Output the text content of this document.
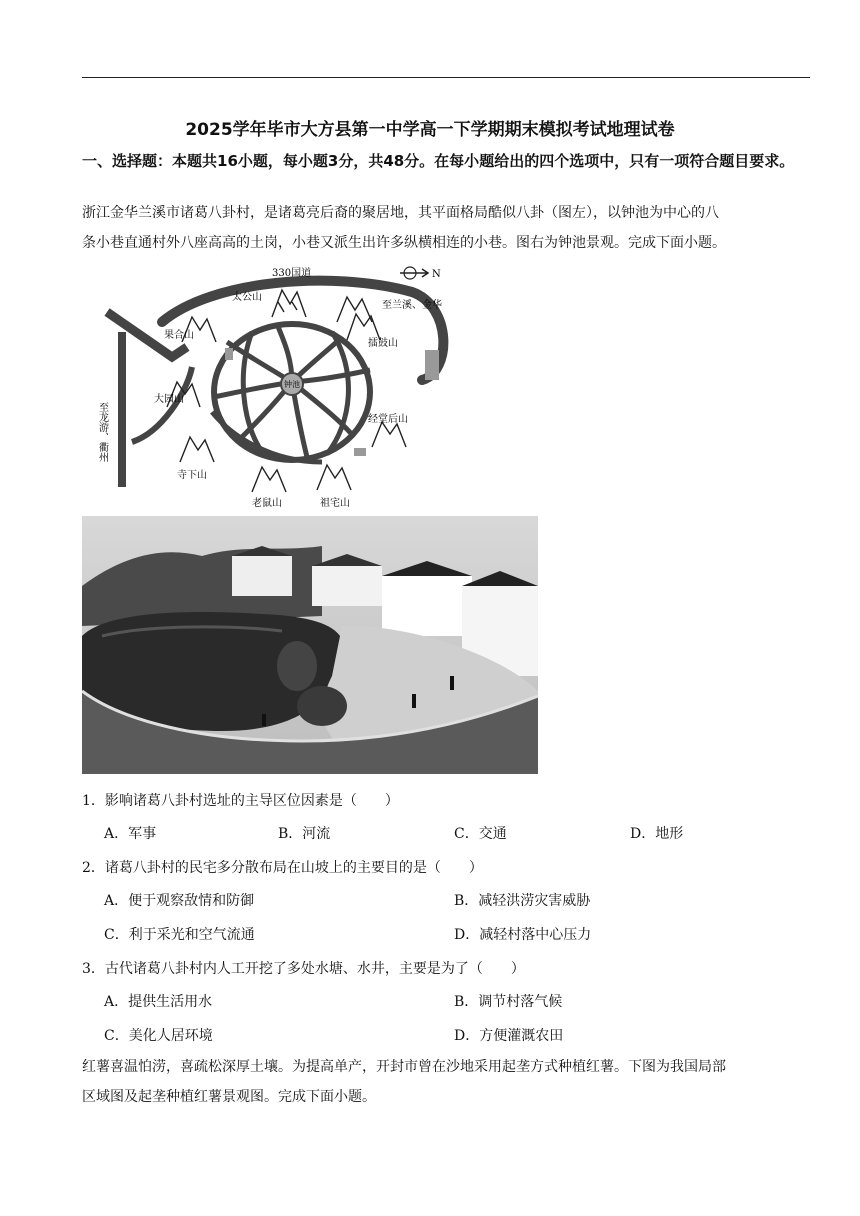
2025学年毕市大方县第一中学高一下学期期末模拟考试地理试卷
一、选择题：本题共16小题，每小题3分，共48分。在每小题给出的四个选项中，只有一项符合题目要求。
浙江金华兰溪市诸葛八卦村，是诸葛亮后裔的聚居地，其平面格局酷似八卦（图左），以钟池为中心的八
条小巷直通村外八座高高的土岗，小巷又派生出许多纵横相连的小巷。图右为钟池景观。完成下面小题。
钟池
330国道	N
至兰溪、金华
至龙游、衢州
太公山
果合山
擂鼓山
大园山
经堂后山
寺下山
老鼠山	祖宅山
1．影响诸葛八卦村选址的主导区位因素是（　　）
A．军事	B．河流	C．交通	D．地形
2．诸葛八卦村的民宅多分散布局在山坡上的主要目的是（　　）
A．便于观察敌情和防御	B．减轻洪涝灾害威胁
C．利于采光和空气流通	D．减轻村落中心压力
3．古代诸葛八卦村内人工开挖了多处水塘、水井，主要是为了（　　）
A．提供生活用水	B．调节村落气候
C．美化人居环境	D．方便灌溉农田
红薯喜温怕涝，喜疏松深厚土壤。为提高单产，开封市曾在沙地采用起垄方式种植红薯。下图为我国局部
区域图及起垄种植红薯景观图。完成下面小题。
